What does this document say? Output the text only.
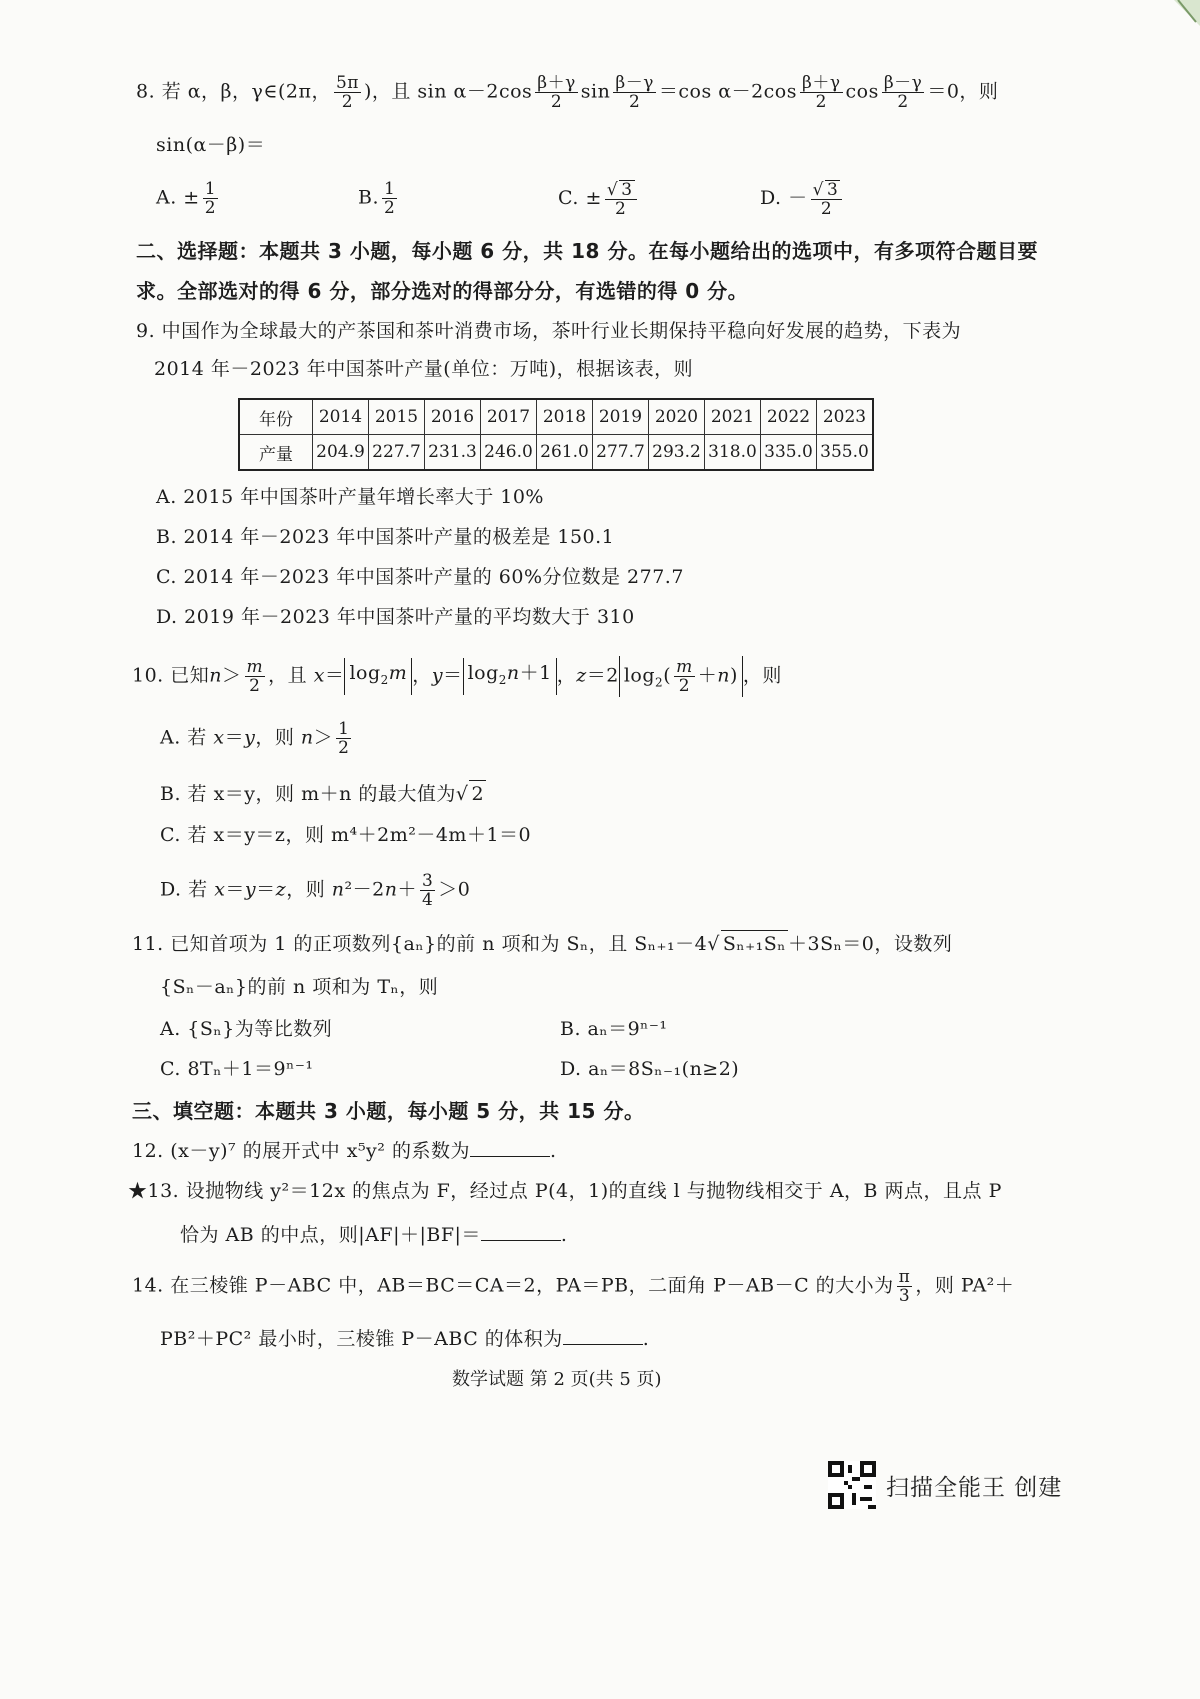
8. 若 α，β，γ∈(2π， $\frac{5\pi}{2}$ )，且 $\sin \alpha-2\cos \frac{\beta+\gamma}{2}$ $\sin \frac{\beta-\gamma}{2} =\cos$ $\alpha-2\cos \frac{\beta+\gamma}{2}$ $\cos \frac{\beta-\gamma}{2} =0$，则
sin(α－β)＝
A. ± $\frac{1}{2}$	B. $\frac{1}{2}$	C. ± $\frac{√ 3}{2}$	D. － $\frac{√ 3}{2}$
二、选择题：本题共 3 小题，每小题 6 分，共 18 分。在每小题给出的选项中，有多项符合题目要
求。全部选对的得 6 分，部分选对的得部分分，有选错的得 0 分。
9. 中国作为全球最大的产茶国和茶叶消费市场，茶叶行业长期保持平稳向好发展的趋势，下表为
2014 年－2023 年中国茶叶产量(单位：万吨)，根据该表，则
年份	2014	2015	2016	2017	2018	2019	2020	2021	2022	2023
产量	204.9	227.7	231.3	246.0	261.0	277.7	293.2	318.0	335.0	355.0
A. 2015 年中国茶叶产量年增长率大于 10%
B. 2014 年－2023 年中国茶叶产量的极差是 150.1
C. 2014 年－2023 年中国茶叶产量的 60%分位数是 277.7
D. 2019 年－2023 年中国茶叶产量的平均数大于 310
10. 已知$n> \frac{m}{2}$ ，且 $x= \log_2m$ ，$y= \log_2n+1$ ，z＝2 $\log_2( \frac{m}{2} +n)$ ，则
A. 若 x＝y，则 $n> \frac{1}{2}$
B. 若 x＝y，则 m＋n 的最大值为√ 2
C. 若 x＝y＝z，则 m⁴＋2m²－4m＋1＝0
D. 若 x＝y＝z，则 $n^2-2n+ \frac{3}{4} >0$
11. 已知首项为 1 的正项数列{aₙ}的前 n 项和为 Sₙ，且 Sₙ₊₁－4√ Sₙ₊₁Sₙ ＋3Sₙ＝0，设数列
{Sₙ－aₙ}的前 n 项和为 Tₙ，则
A. {Sₙ}为等比数列	B. aₙ＝9ⁿ⁻¹
C. 8Tₙ＋1＝9ⁿ⁻¹	D. aₙ＝8Sₙ₋₁(n≥2)
三、填空题：本题共 3 小题，每小题 5 分，共 15 分。
12. (x－y)⁷ 的展开式中 x⁵y² 的系数为	.
★13. 设抛物线 y²＝12x 的焦点为 F，经过点 P(4，1)的直线 l 与抛物线相交于 A，B 两点，且点 P
恰为 AB 的中点，则|AF|＋|BF|＝	.
14. 在三棱锥 P－ABC 中，AB＝BC＝CA＝2，PA＝PB，二面角 P－AB－C 的大小为 $\frac{\pi}{3}$ ，则 PA²＋
PB²＋PC² 最小时，三棱锥 P－ABC 的体积为	.
数学试题 第 2 页(共 5 页)
扫描全能王 创建
